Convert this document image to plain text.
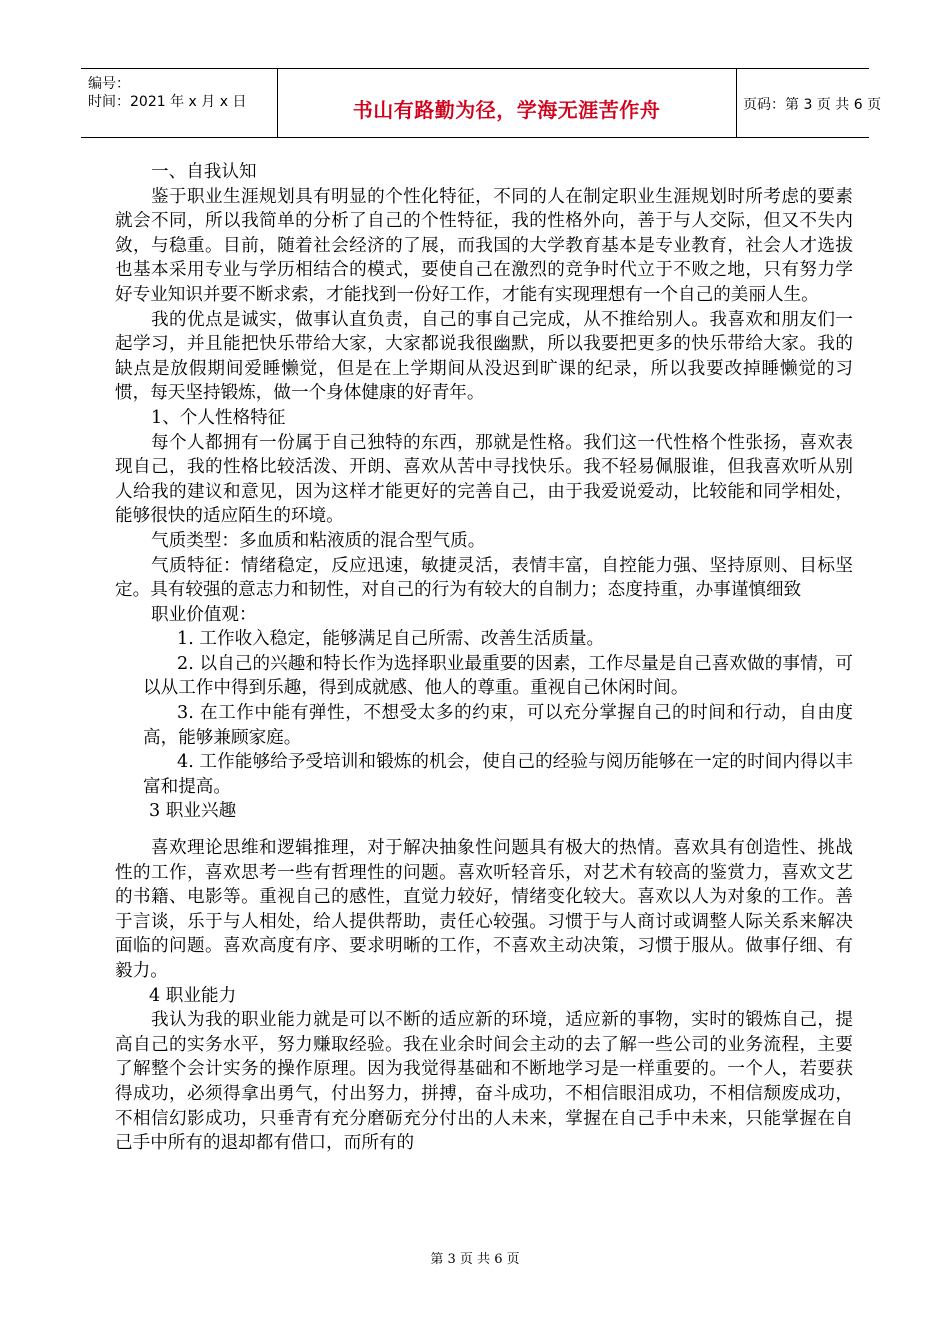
编号：
时间：2021 年 x 月 x 日	书山有路勤为径，学海无涯苦作舟	页码：第 3 页 共 6 页

一、自我认知

鉴于职业生涯规划具有明显的个性化特征，不同的人在制定职业生涯规划时所考虑的要素就会不同，所以我简单的分析了自己的个性特征，我的性格外向，善于与人交际，但又不失内敛，与稳重。目前，随着社会经济的了展，而我国的大学教育基本是专业教育，社会人才选拔也基本采用专业与学历相结合的模式，要使自己在激烈的竞争时代立于不败之地，只有努力学好专业知识并要不断求索，才能找到一份好工作，才能有实现理想有一个自己的美丽人生。

我的优点是诚实，做事认直负责，自己的事自己完成，从不推给别人。我喜欢和朋友们一起学习，并且能把快乐带给大家，大家都说我很幽默，所以我要把更多的快乐带给大家。我的缺点是放假期间爱睡懒觉，但是在上学期间从没迟到旷课的纪录，所以我要改掉睡懒觉的习惯，每天坚持锻炼，做一个身体健康的好青年。

1、个人性格特征

每个人都拥有一份属于自己独特的东西，那就是性格。我们这一代性格个性张扬，喜欢表现自己，我的性格比较活泼、开朗、喜欢从苦中寻找快乐。我不轻易佩服谁，但我喜欢听从别人给我的建议和意见，因为这样才能更好的完善自己，由于我爱说爱动，比较能和同学相处，能够很快的适应陌生的环境。

气质类型：多血质和粘液质的混合型气质。

气质特征：情绪稳定，反应迅速，敏捷灵活，表情丰富，自控能力强、坚持原则、目标坚定。具有较强的意志力和韧性，对自己的行为有较大的自制力；态度持重，办事谨慎细致

职业价值观：

1. 工作收入稳定，能够满足自己所需、改善生活质量。

2. 以自己的兴趣和特长作为选择职业最重要的因素，工作尽量是自己喜欢做的事情，可以从工作中得到乐趣，得到成就感、他人的尊重。重视自己休闲时间。

3. 在工作中能有弹性，不想受太多的约束，可以充分掌握自己的时间和行动，自由度高，能够兼顾家庭。

4. 工作能够给予受培训和锻炼的机会，使自己的经验与阅历能够在一定的时间内得以丰富和提高。

3 职业兴趣

喜欢理论思维和逻辑推理，对于解决抽象性问题具有极大的热情。喜欢具有创造性、挑战性的工作，喜欢思考一些有哲理性的问题。喜欢听轻音乐，对艺术有较高的鉴赏力，喜欢文艺的书籍、电影等。重视自己的感性，直觉力较好，情绪变化较大。喜欢以人为对象的工作。善于言谈，乐于与人相处，给人提供帮助，责任心较强。习惯于与人商讨或调整人际关系来解决面临的问题。喜欢高度有序、要求明晰的工作，不喜欢主动决策，习惯于服从。做事仔细、有毅力。

4 职业能力

我认为我的职业能力就是可以不断的适应新的环境，适应新的事物，实时的锻炼自己，提高自己的实务水平，努力赚取经验。我在业余时间会主动的去了解一些公司的业务流程，主要了解整个会计实务的操作原理。因为我觉得基础和不断地学习是一样重要的。一个人，若要获得成功，必须得拿出勇气，付出努力，拼搏，奋斗成功，不相信眼泪成功，不相信颓废成功，不相信幻影成功，只垂青有充分磨砺充分付出的人未来，掌握在自己手中未来，只能掌握在自己手中所有的退却都有借口，而所有的

第 3 页 共 6 页
